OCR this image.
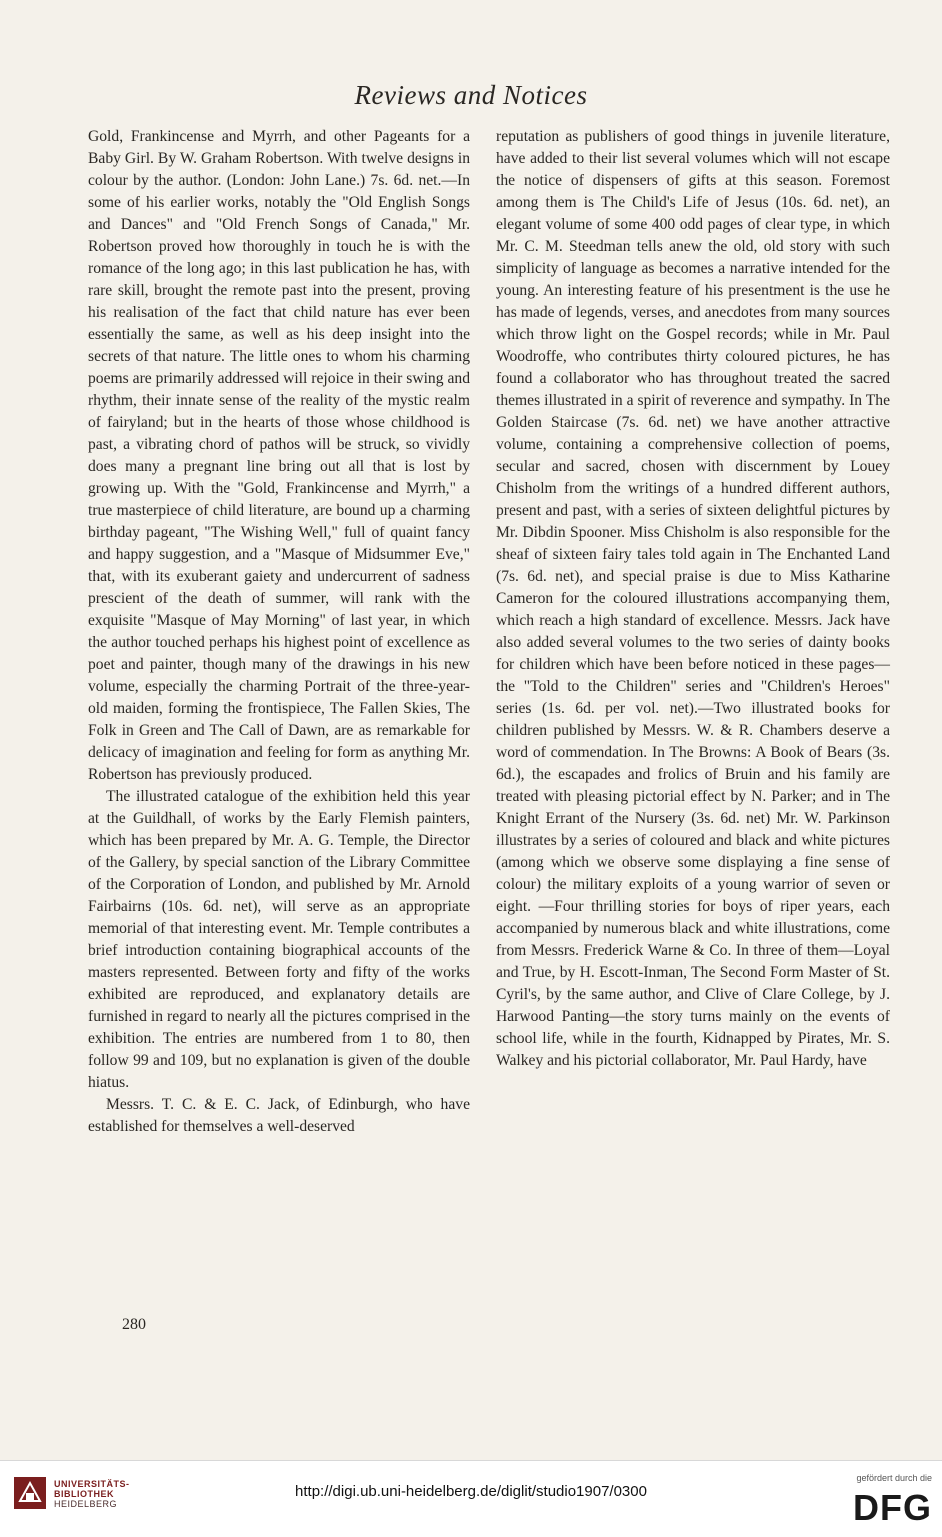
Reviews and Notices

Gold, Frankincense and Myrrh, and other Pageants for a Baby Girl. By W. Graham Robertson. With twelve designs in colour by the author. (London: John Lane.) 7s. 6d. net.—In some of his earlier works, notably the "Old English Songs and Dances" and "Old French Songs of Canada," Mr. Robertson proved how thoroughly in touch he is with the romance of the long ago; in this last publication he has, with rare skill, brought the remote past into the present, proving his realisation of the fact that child nature has ever been essentially the same, as well as his deep insight into the secrets of that nature. The little ones to whom his charming poems are primarily addressed will rejoice in their swing and rhythm, their innate sense of the reality of the mystic realm of fairyland; but in the hearts of those whose childhood is past, a vibrating chord of pathos will be struck, so vividly does many a pregnant line bring out all that is lost by growing up. With the "Gold, Frankincense and Myrrh," a true masterpiece of child literature, are bound up a charming birthday pageant, "The Wishing Well," full of quaint fancy and happy suggestion, and a "Masque of Midsummer Eve," that, with its exuberant gaiety and undercurrent of sadness prescient of the death of summer, will rank with the exquisite "Masque of May Morning" of last year, in which the author touched perhaps his highest point of excellence as poet and painter, though many of the drawings in his new volume, especially the charming Portrait of the three-year-old maiden, forming the frontispiece, The Fallen Skies, The Folk in Green and The Call of Dawn, are as remarkable for delicacy of imagination and feeling for form as anything Mr. Robertson has previously produced.

The illustrated catalogue of the exhibition held this year at the Guildhall, of works by the Early Flemish painters, which has been prepared by Mr. A. G. Temple, the Director of the Gallery, by special sanction of the Library Committee of the Corporation of London, and published by Mr. Arnold Fairbairns (10s. 6d. net), will serve as an appropriate memorial of that interesting event. Mr. Temple contributes a brief introduction containing biographical accounts of the masters represented. Between forty and fifty of the works exhibited are reproduced, and explanatory details are furnished in regard to nearly all the pictures comprised in the exhibition. The entries are numbered from 1 to 80, then follow 99 and 109, but no explanation is given of the double hiatus.

Messrs. T. C. & E. C. Jack, of Edinburgh, who have established for themselves a well-deserved

reputation as publishers of good things in juvenile literature, have added to their list several volumes which will not escape the notice of dispensers of gifts at this season. Foremost among them is The Child's Life of Jesus (10s. 6d. net), an elegant volume of some 400 odd pages of clear type, in which Mr. C. M. Steedman tells anew the old, old story with such simplicity of language as becomes a narrative intended for the young. An interesting feature of his presentment is the use he has made of legends, verses, and anecdotes from many sources which throw light on the Gospel records; while in Mr. Paul Woodroffe, who contributes thirty coloured pictures, he has found a collaborator who has throughout treated the sacred themes illustrated in a spirit of reverence and sympathy. In The Golden Staircase (7s. 6d. net) we have another attractive volume, containing a comprehensive collection of poems, secular and sacred, chosen with discernment by Louey Chisholm from the writings of a hundred different authors, present and past, with a series of sixteen delightful pictures by Mr. Dibdin Spooner. Miss Chisholm is also responsible for the sheaf of sixteen fairy tales told again in The Enchanted Land (7s. 6d. net), and special praise is due to Miss Katharine Cameron for the coloured illustrations accompanying them, which reach a high standard of excellence. Messrs. Jack have also added several volumes to the two series of dainty books for children which have been before noticed in these pages—the "Told to the Children" series and "Children's Heroes" series (1s. 6d. per vol. net).—Two illustrated books for children published by Messrs. W. & R. Chambers deserve a word of commendation. In The Browns: A Book of Bears (3s. 6d.), the escapades and frolics of Bruin and his family are treated with pleasing pictorial effect by N. Parker; and in The Knight Errant of the Nursery (3s. 6d. net) Mr. W. Parkinson illustrates by a series of coloured and black and white pictures (among which we observe some displaying a fine sense of colour) the military exploits of a young warrior of seven or eight. —Four thrilling stories for boys of riper years, each accompanied by numerous black and white illustrations, come from Messrs. Frederick Warne & Co. In three of them—Loyal and True, by H. Escott-Inman, The Second Form Master of St. Cyril's, by the same author, and Clive of Clare College, by J. Harwood Panting—the story turns mainly on the events of school life, while in the fourth, Kidnapped by Pirates, Mr. S. Walkey and his pictorial collaborator, Mr. Paul Hardy, have

280
UNIVERSITÄTS-
BIBLIOTHEK
HEIDELBERG
http://digi.ub.uni-heidelberg.de/diglit/studio1907/0300
gefördert durch die
DFG
